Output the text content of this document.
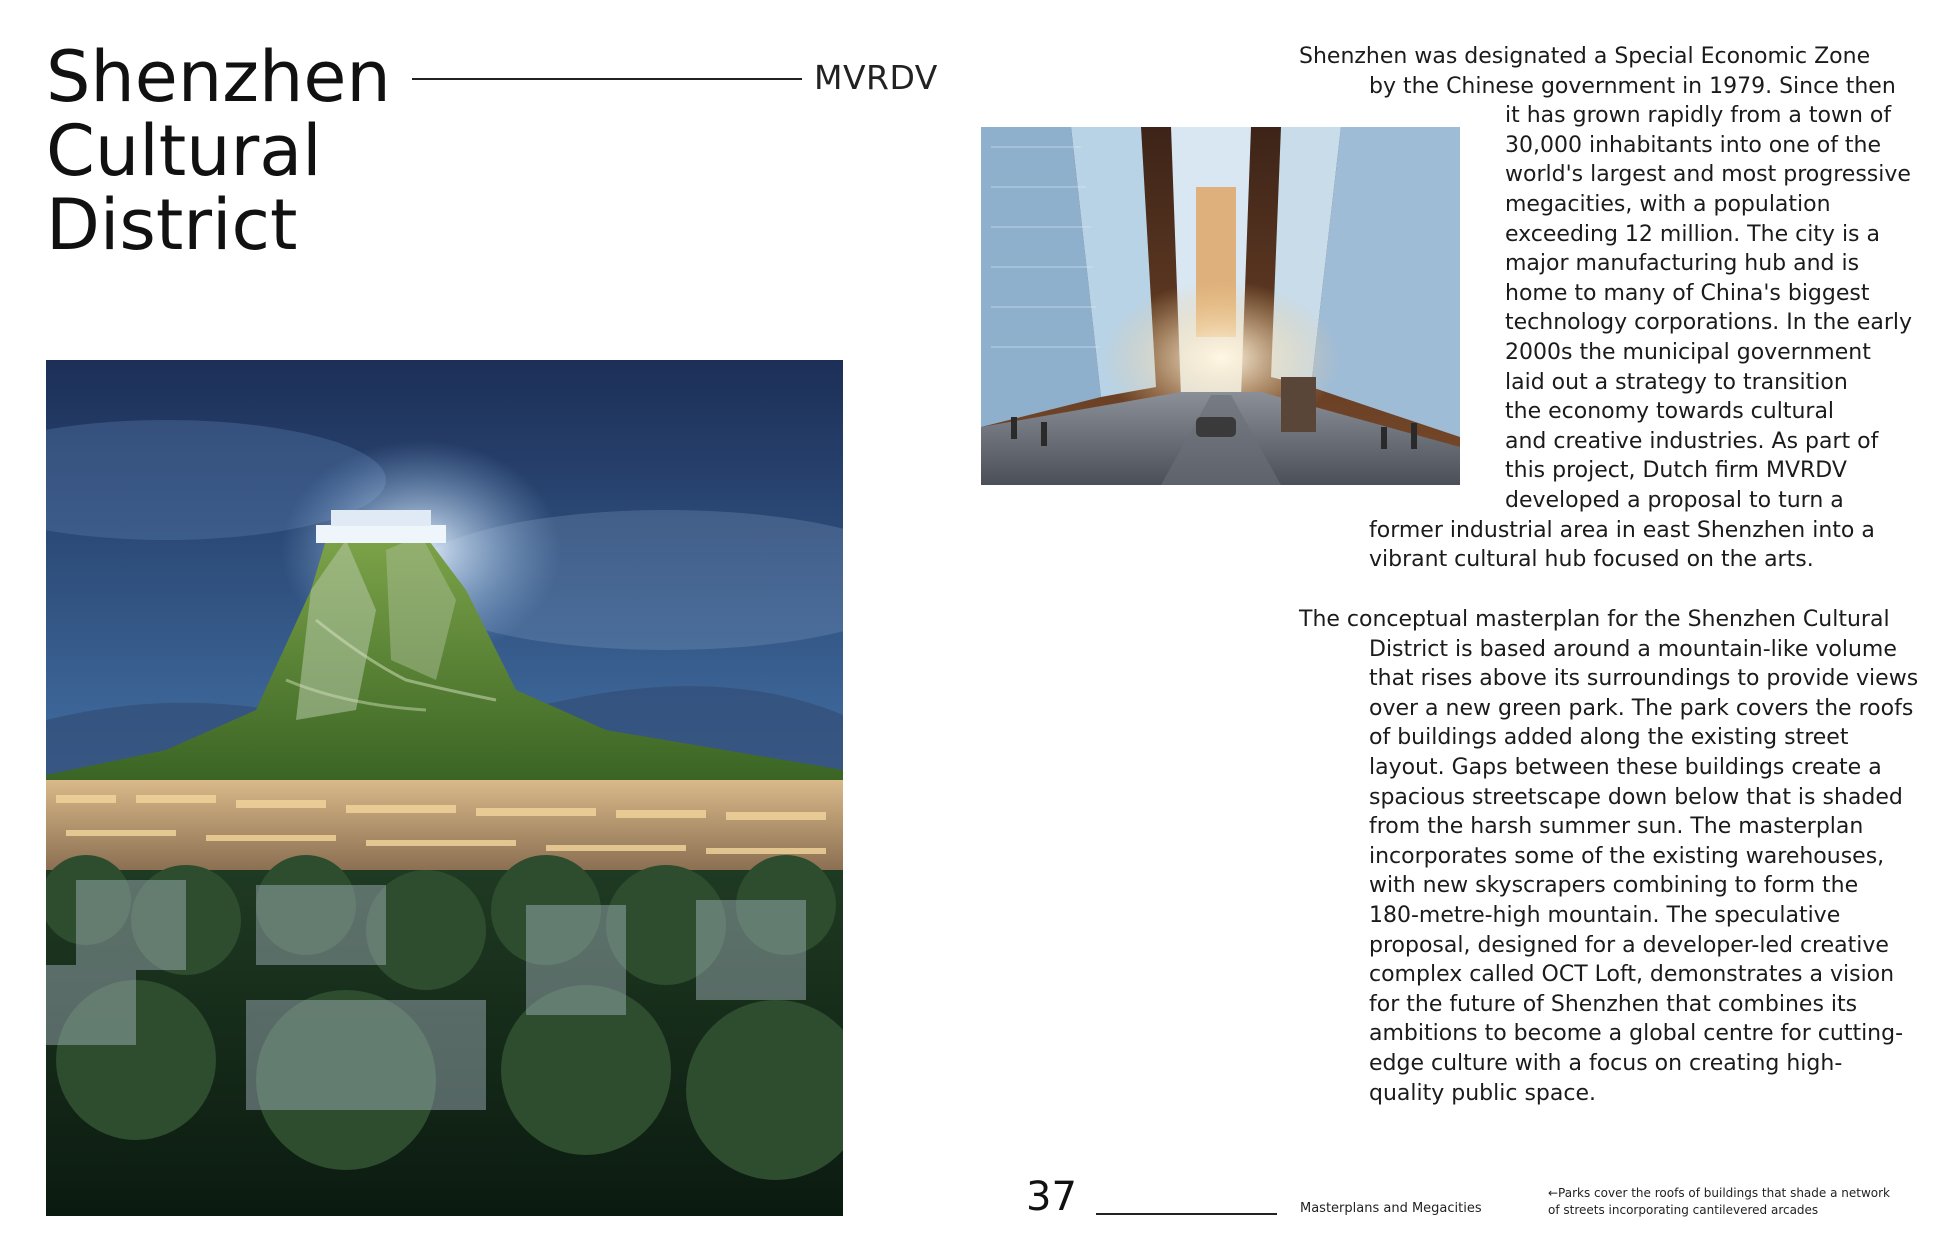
Shenzhen
Cultural
District
MVRDV
Shenzhen was designated a Special Economic Zone
by the Chinese government in 1979. Since then
it has grown rapidly from a town of
30,000 inhabitants into one of the
world's largest and most progressive
megacities, with a population
exceeding 12 million. The city is a
major manufacturing hub and is
home to many of China's biggest
technology corporations. In the early
2000s the municipal government
laid out a strategy to transition
the economy towards cultural
and creative industries. As part of
this project, Dutch firm MVRDV
developed a proposal to turn a
former industrial area in east Shenzhen into a
vibrant cultural hub focused on the arts.
The conceptual masterplan for the Shenzhen Cultural
District is based around a mountain-like volume
that rises above its surroundings to provide views
over a new green park. The park covers the roofs
of buildings added along the existing street
layout. Gaps between these buildings create a
spacious streetscape down below that is shaded
from the harsh summer sun. The masterplan
incorporates some of the existing warehouses,
with new skyscrapers combining to form the
180-metre-high mountain. The speculative
proposal, designed for a developer-led creative
complex called OCT Loft, demonstrates a vision
for the future of Shenzhen that combines its
ambitions to become a global centre for cutting-
edge culture with a focus on creating high-
quality public space.
37	Masterplans and Megacities
←Parks cover the roofs of buildings that shade a network
of streets incorporating cantilevered arcades
